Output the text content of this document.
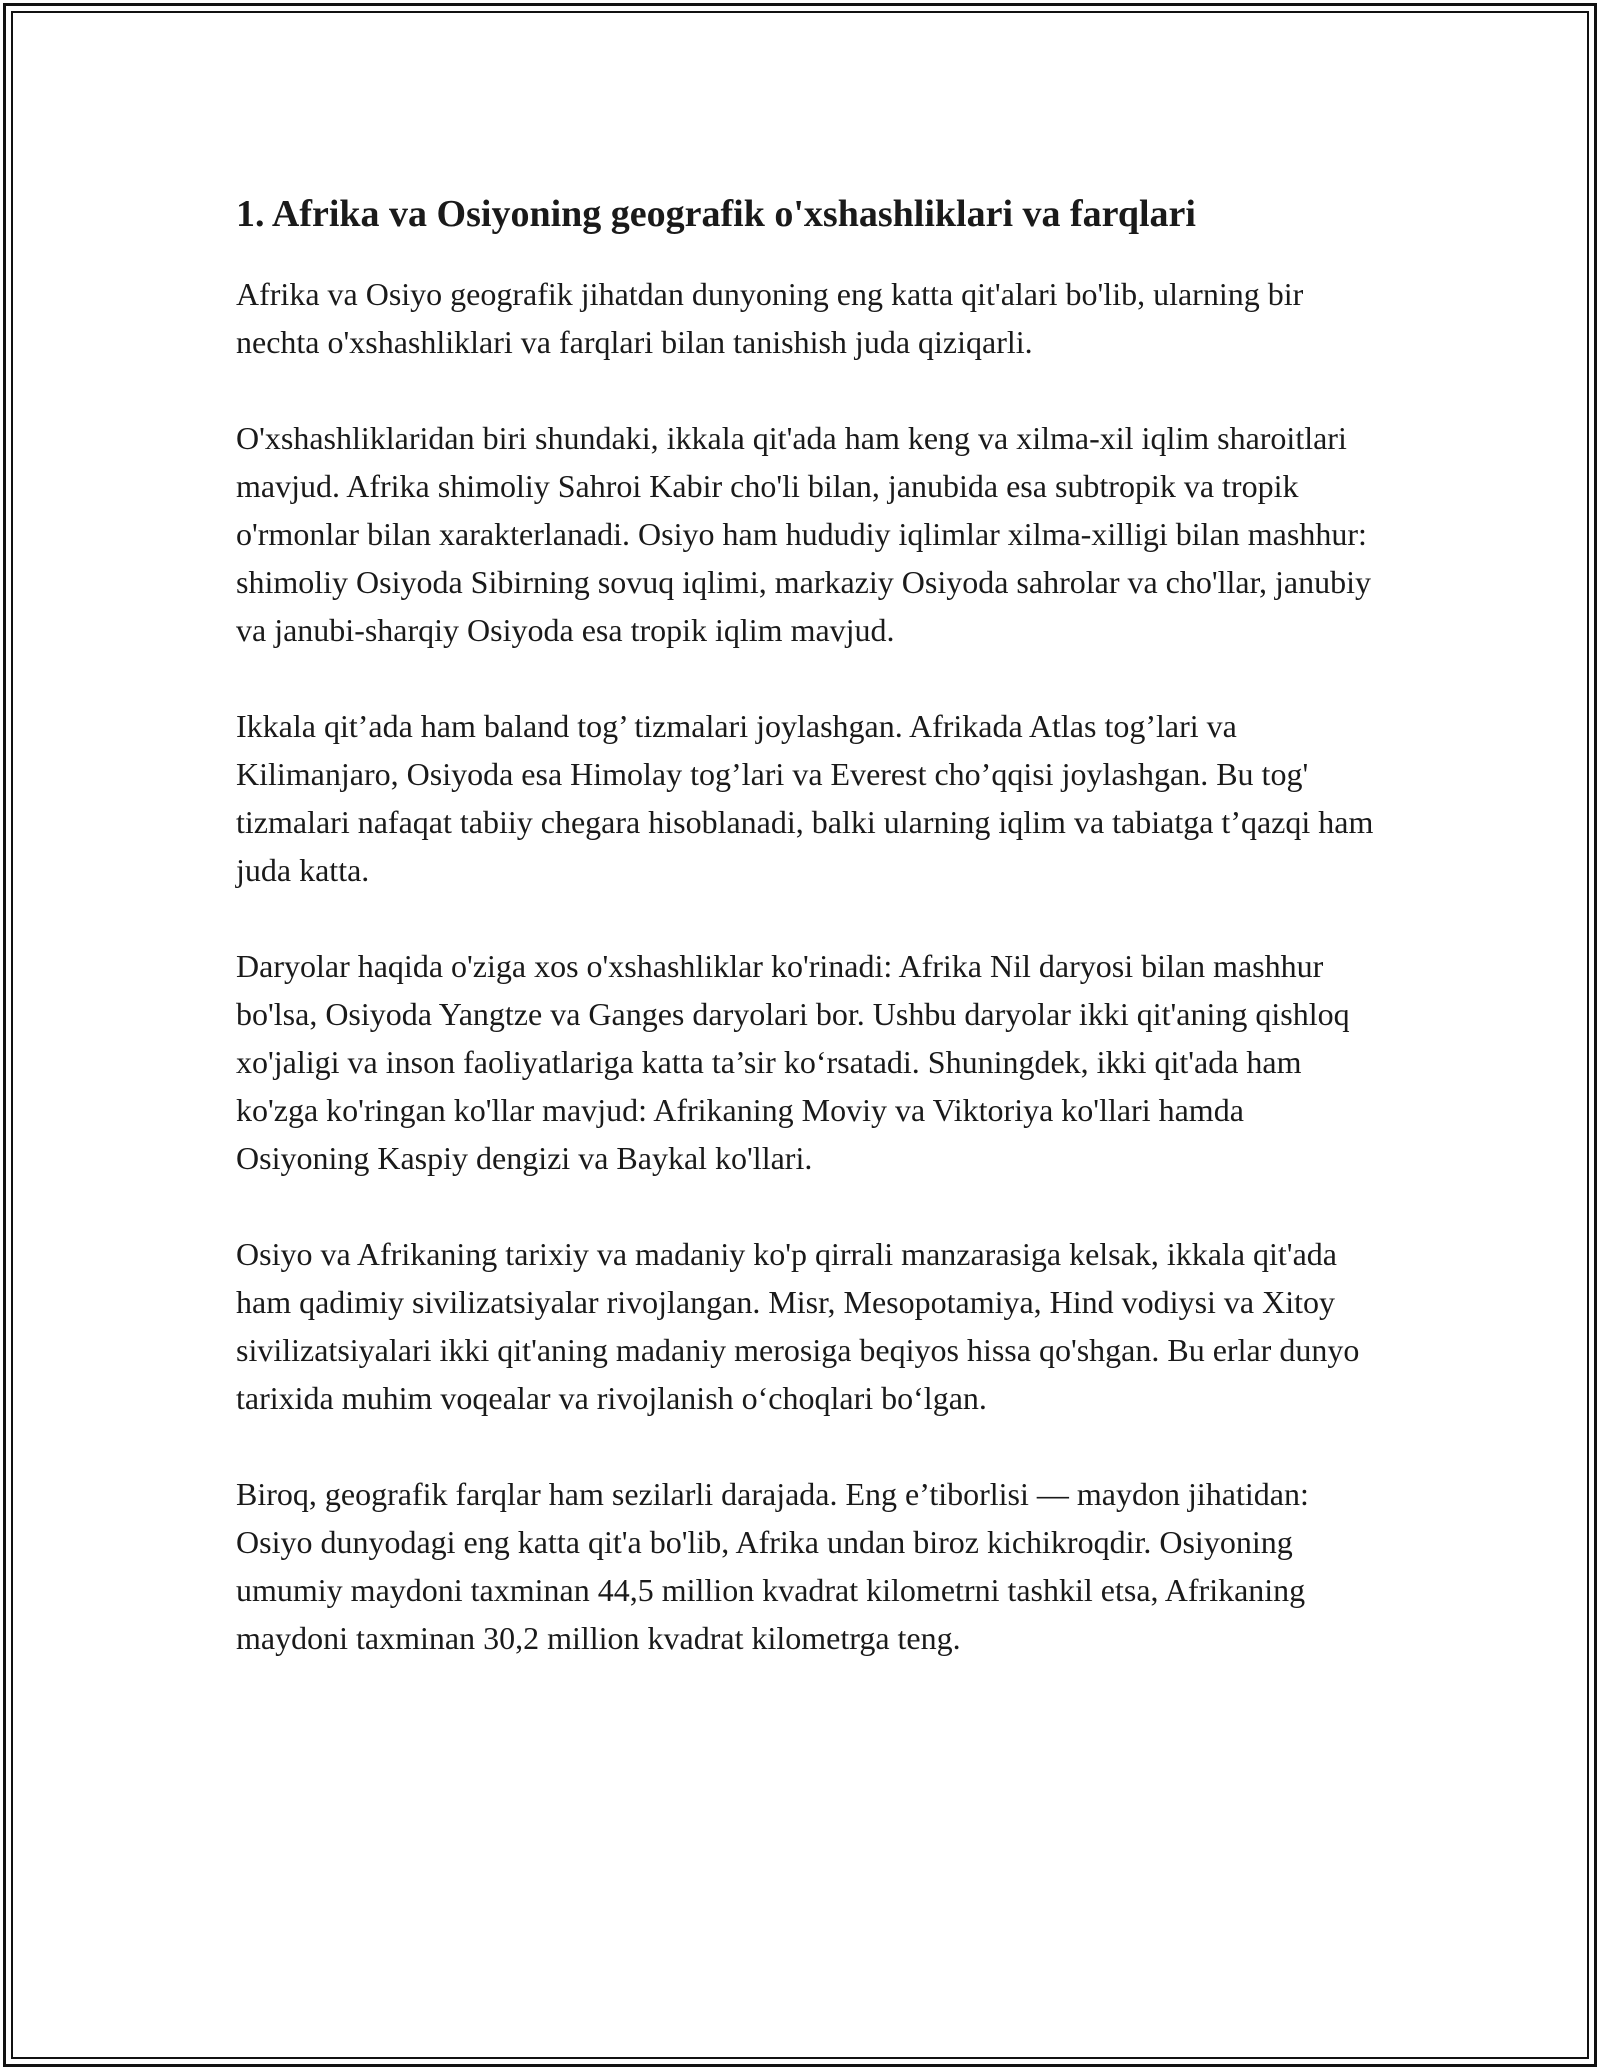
1. Afrika va Osiyoning geografik o'xshashliklari va farqlari

Afrika va Osiyo geografik jihatdan dunyoning eng katta qit'alari bo'lib, ularning bir nechta o'xshashliklari va farqlari bilan tanishish juda qiziqarli.

O'xshashliklaridan biri shundaki, ikkala qit'ada ham keng va xilma-xil iqlim sharoitlari mavjud. Afrika shimoliy Sahroi Kabir cho'li bilan, janubida esa subtropik va tropik o'rmonlar bilan xarakterlanadi. Osiyo ham hududiy iqlimlar xilma-xilligi bilan mashhur: shimoliy Osiyoda Sibirning sovuq iqlimi, markaziy Osiyoda sahrolar va cho'llar, janubiy va janubi-sharqiy Osiyoda esa tropik iqlim mavjud.

Ikkala qit’ada ham baland tog’ tizmalari joylashgan. Afrikada Atlas tog’lari va Kilimanjaro, Osiyoda esa Himolay tog’lari va Everest cho’qqisi joylashgan. Bu tog' tizmalari nafaqat tabiiy chegara hisoblanadi, balki ularning iqlim va tabiatga t’qazqi ham juda katta.

Daryolar haqida o'ziga xos o'xshashliklar ko'rinadi: Afrika Nil daryosi bilan mashhur bo'lsa, Osiyoda Yangtze va Ganges daryolari bor. Ushbu daryolar ikki qit'aning qishloq xo'jaligi va inson faoliyatlariga katta ta’sir ko‘rsatadi. Shuningdek, ikki qit'ada ham ko'zga ko'ringan ko'llar mavjud: Afrikaning Moviy va Viktoriya ko'llari hamda Osiyoning Kaspiy dengizi va Baykal ko'llari.

Osiyo va Afrikaning tarixiy va madaniy ko'p qirrali manzarasiga kelsak, ikkala qit'ada ham qadimiy sivilizatsiyalar rivojlangan. Misr, Mesopotamiya, Hind vodiysi va Xitoy sivilizatsiyalari ikki qit'aning madaniy merosiga beqiyos hissa qo'shgan. Bu erlar dunyo tarixida muhim voqealar va rivojlanish o‘choqlari bo‘lgan.

Biroq, geografik farqlar ham sezilarli darajada. Eng e’tiborlisi — maydon jihatidan: Osiyo dunyodagi eng katta qit'a bo'lib, Afrika undan biroz kichikroqdir. Osiyoning umumiy maydoni taxminan 44,5 million kvadrat kilometrni tashkil etsa, Afrikaning maydoni taxminan 30,2 million kvadrat kilometrga teng.
